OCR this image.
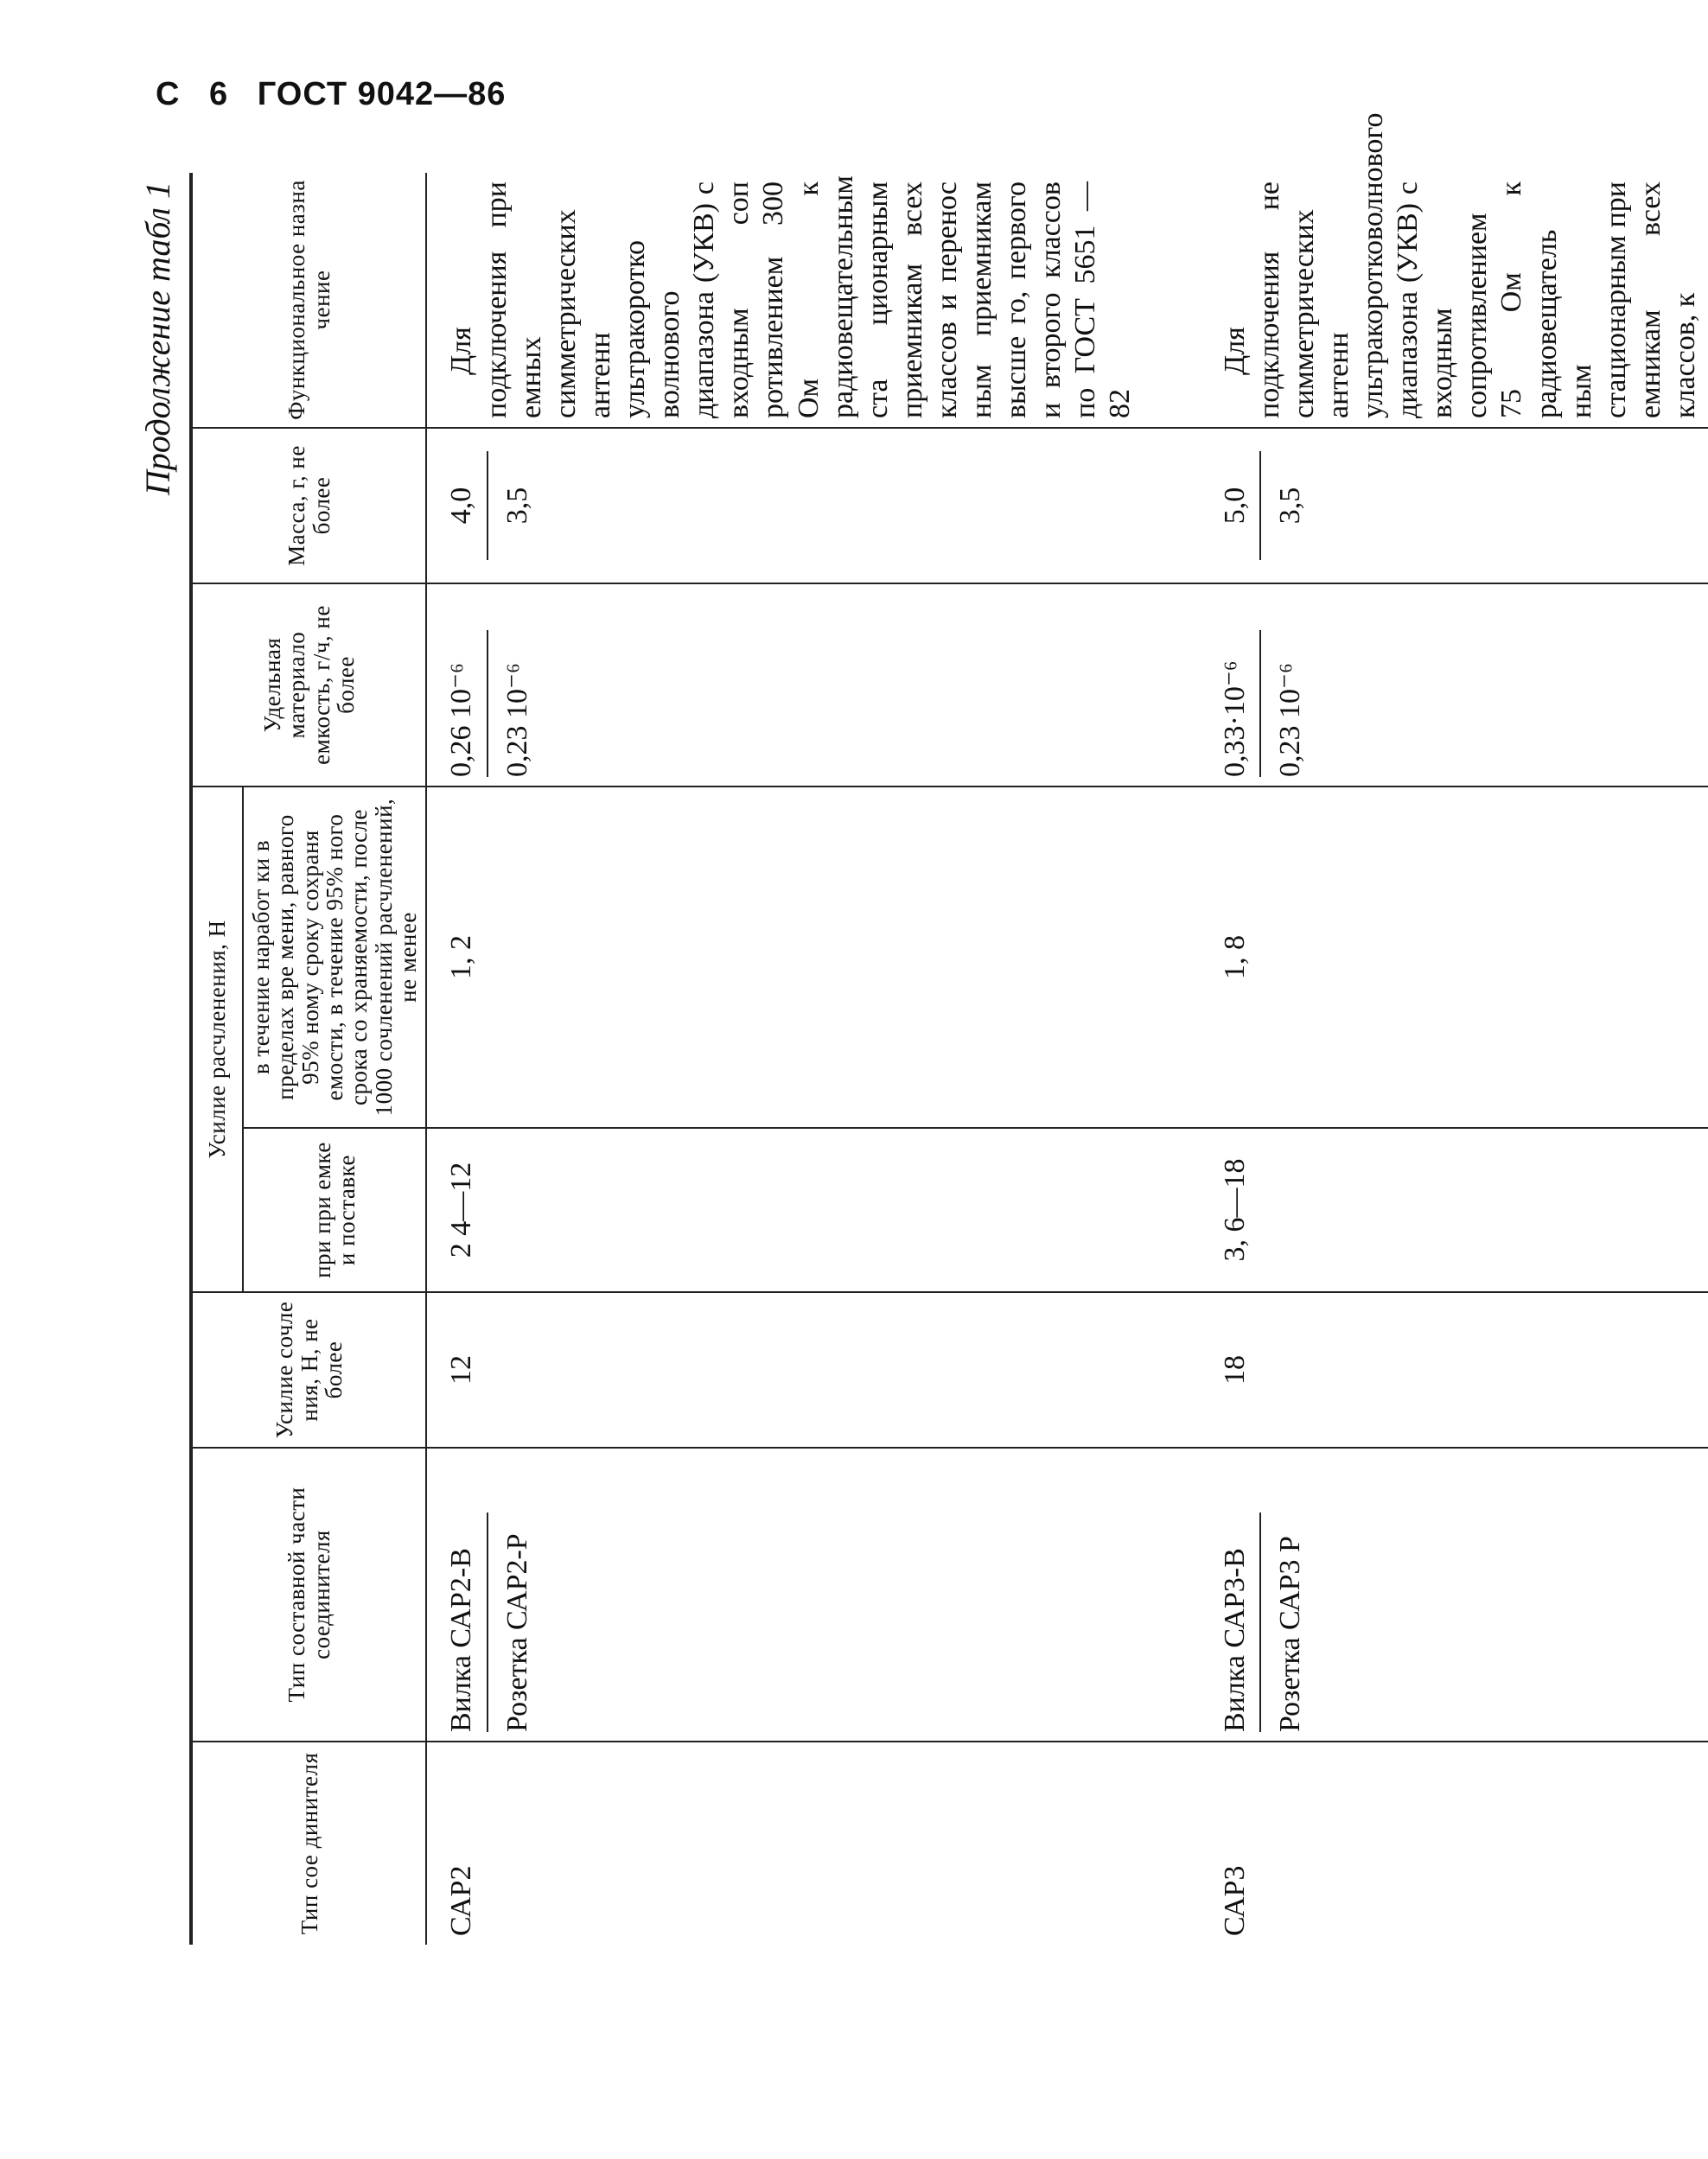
С 6 ГОСТ 9042—86
Продолжение табл 1
Тип сое динителя	Тип составной части соединителя	Усилие сочле ния, Н, не более	Усилие расчленения, Н		Удельная материало емкость, г/ч, не более	Масса, г, не более	Функциональное назна чение
			при при емке и поставке	в течение наработ ки в пределах вре мени, равного 95% ному сроку сохраня емости, в течение 95% ного срока со храняемости, после 1000 сочленений расчленений, не менее			
САР2	Вилка САР2-В Розетка САР2-Р	12	2 4—12	1, 2	0,26 10⁻⁶ 0,23 10⁻⁶	4,0 3,5	Для подключения при емных симметрических антенн ультракоротко волнового диапазона (УКВ) с входным соп ротивлением 300 Ом к радиовещательным ста ционарным приемникам всех классов и перенос ным приемникам высше го, первого и второго классов по ГОСТ 5651 —82

САР3	Вилка САР3-В Розетка САР3 Р	18	3, 6—18	1, 8	0,33·10⁻⁶ 0,23 10⁻⁶	5,0 3,5	Для подключения не симметрических антенн ультракоротковолнового диапазона (УКВ) с входным сопротивлением 75 Ом к радиовещатель ным стационарным при емникам всех классов, к
